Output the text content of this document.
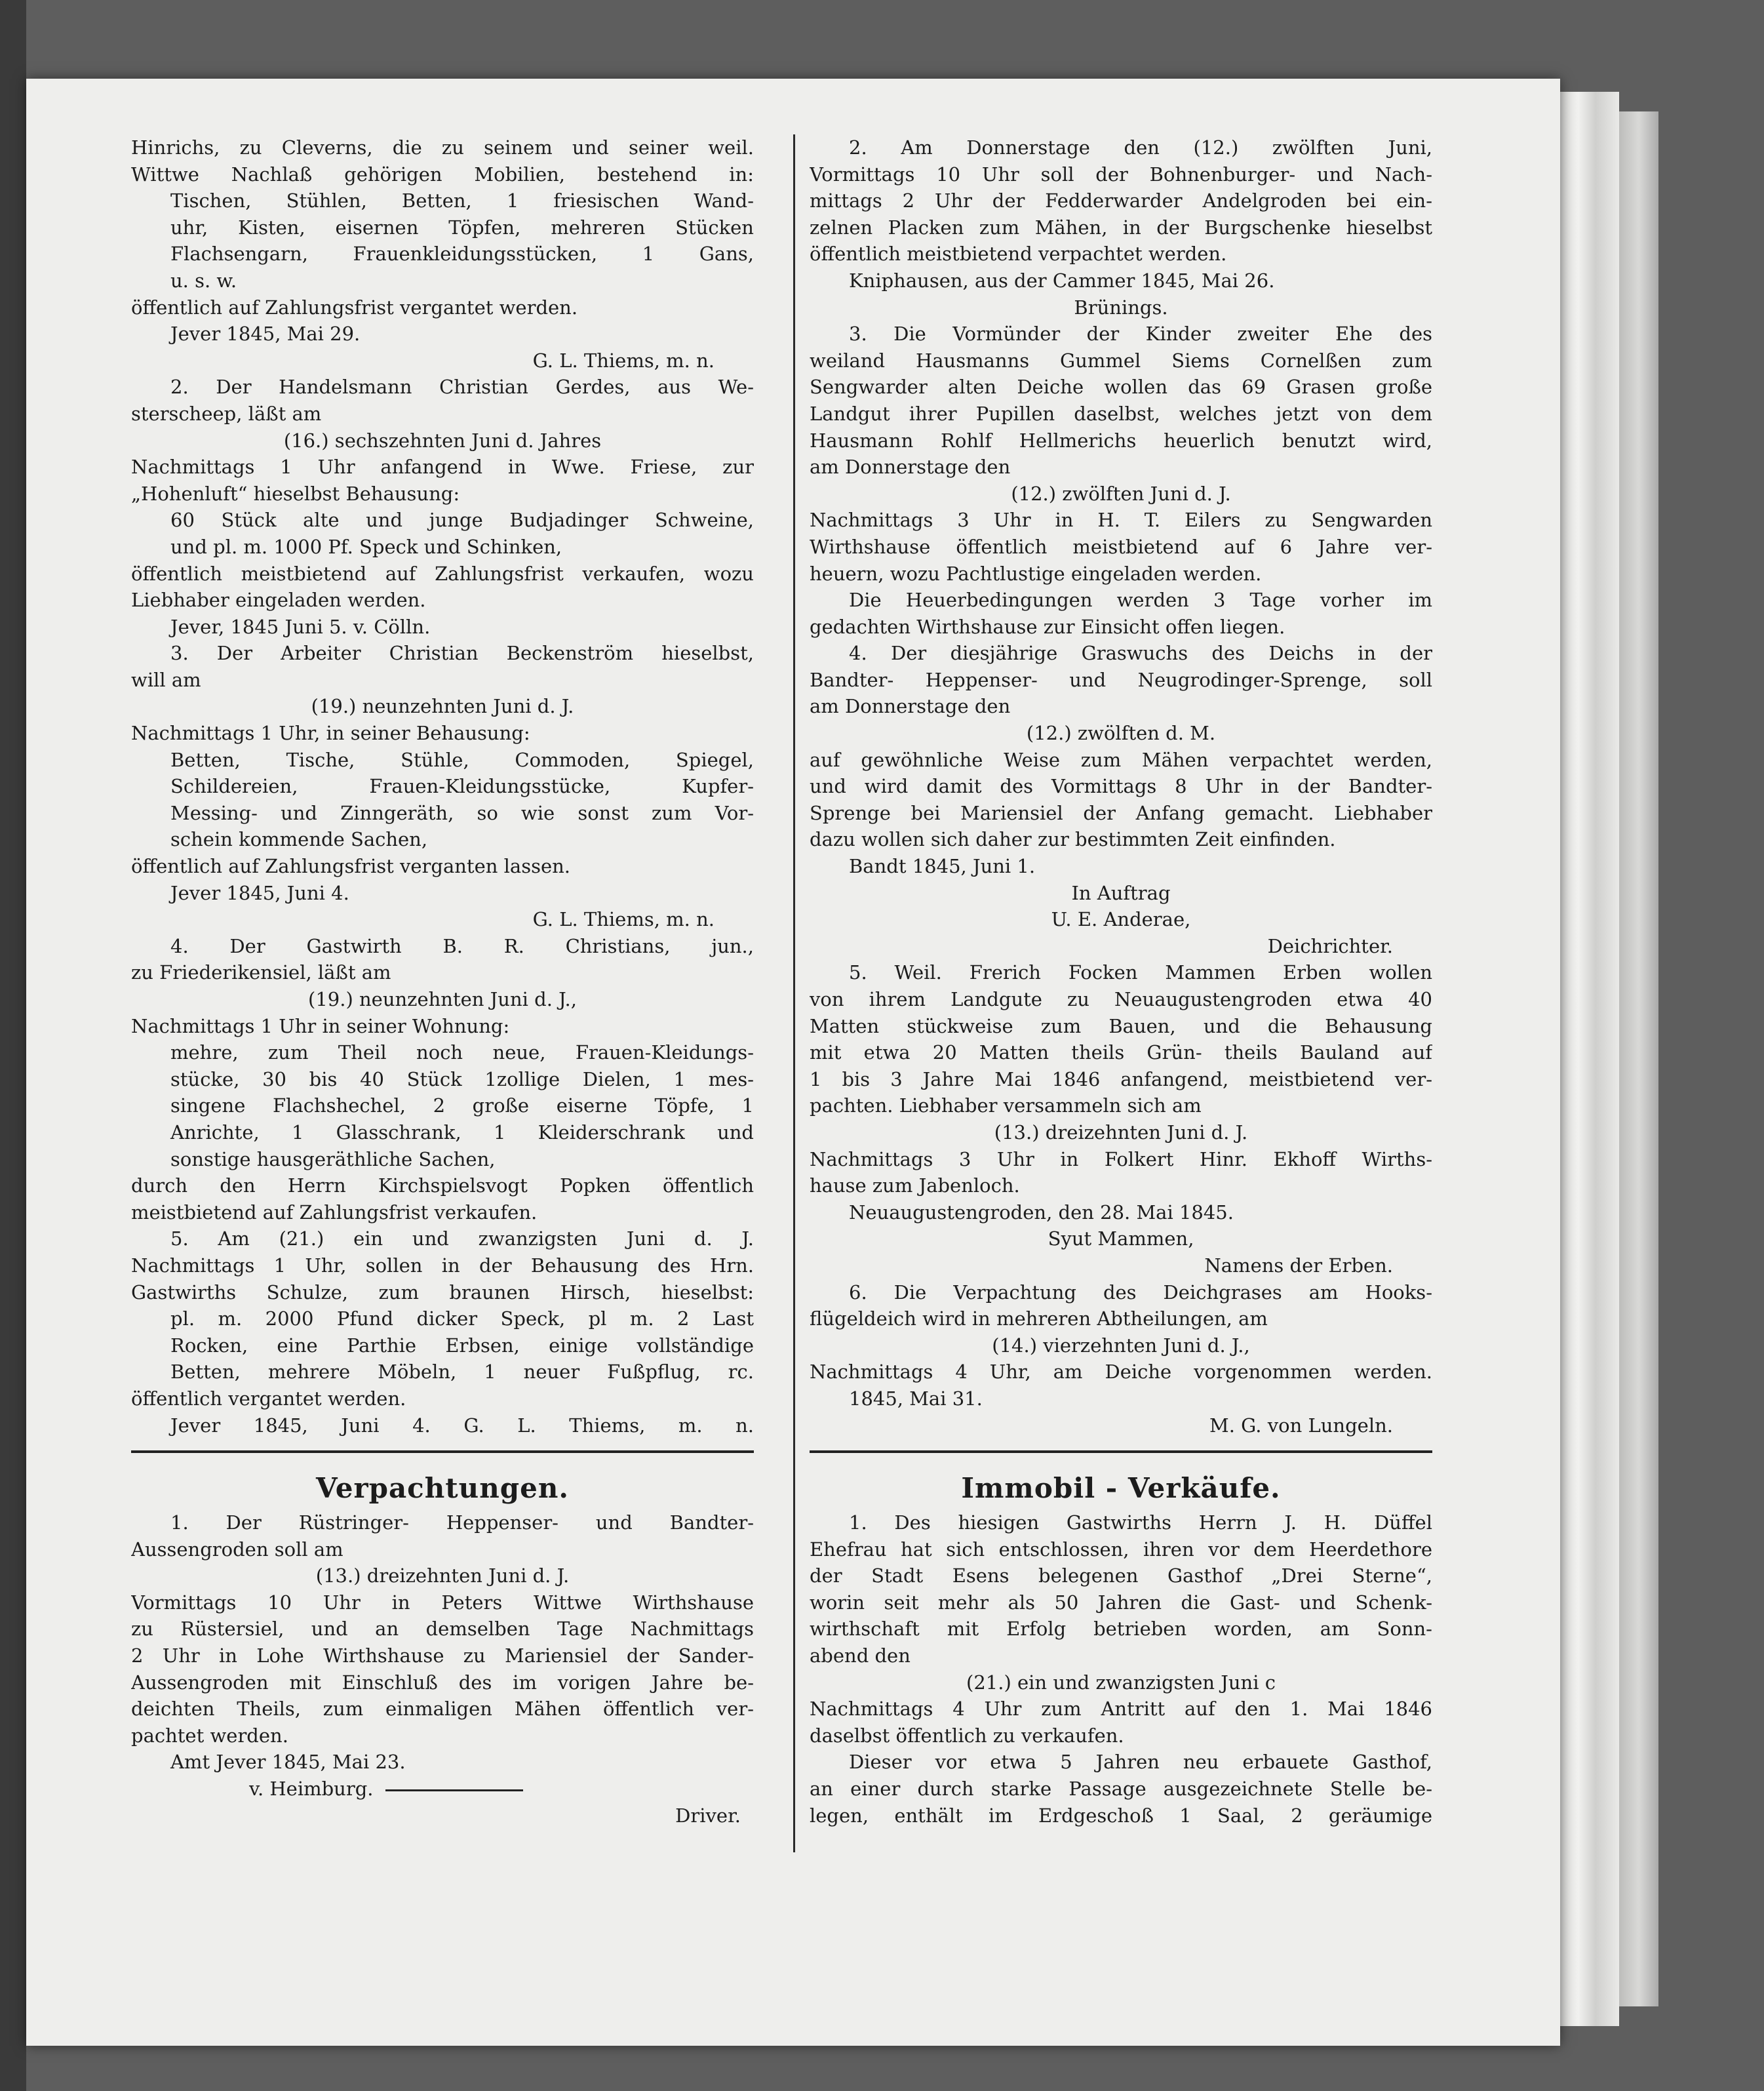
Hinrichs, zu Cleverns, die zu seinem und seiner weil.
Wittwe Nachlaß gehörigen Mobilien, bestehend in:
Tischen, Stühlen, Betten, 1 friesischen Wand-
uhr, Kisten, eisernen Töpfen, mehreren Stücken
Flachsengarn, Frauenkleidungsstücken, 1 Gans,
u. s. w.
öffentlich auf Zahlungsfrist vergantet werden.
Jever 1845, Mai 29.
G. L. Thiems, m. n.
2. Der Handelsmann Christian Gerdes, aus We-
sterscheep, läßt am
(16.) sechszehnten Juni d. Jahres
Nachmittags 1 Uhr anfangend in Wwe. Friese, zur
„Hohenluft“ hieselbst Behausung:
60 Stück alte und junge Budjadinger Schweine,
und pl. m. 1000 Pf. Speck und Schinken,
öffentlich meistbietend auf Zahlungsfrist verkaufen, wozu
Liebhaber eingeladen werden.
Jever, 1845 Juni 5. v. Cölln.
3. Der Arbeiter Christian Beckenström hieselbst,
will am
(19.) neunzehnten Juni d. J.
Nachmittags 1 Uhr, in seiner Behausung:
Betten, Tische, Stühle, Commoden, Spiegel,
Schildereien, Frauen-Kleidungsstücke, Kupfer-
Messing- und Zinngeräth, so wie sonst zum Vor-
schein kommende Sachen,
öffentlich auf Zahlungsfrist verganten lassen.
Jever 1845, Juni 4.
G. L. Thiems, m. n.
4. Der Gastwirth B. R. Christians, jun.,
zu Friederikensiel, läßt am
(19.) neunzehnten Juni d. J.,
Nachmittags 1 Uhr in seiner Wohnung:
mehre, zum Theil noch neue, Frauen-Kleidungs-
stücke, 30 bis 40 Stück 1zollige Dielen, 1 mes-
singene Flachshechel, 2 große eiserne Töpfe, 1
Anrichte, 1 Glasschrank, 1 Kleiderschrank und
sonstige hausgeräthliche Sachen,
durch den Herrn Kirchspielsvogt Popken öffentlich
meistbietend auf Zahlungsfrist verkaufen.
5. Am (21.) ein und zwanzigsten Juni d. J.
Nachmittags 1 Uhr, sollen in der Behausung des Hrn.
Gastwirths Schulze, zum braunen Hirsch, hieselbst:
pl. m. 2000 Pfund dicker Speck, pl m. 2 Last
Rocken, eine Parthie Erbsen, einige vollständige
Betten, mehrere Möbeln, 1 neuer Fußpflug, rc.
öffentlich vergantet werden.
Jever 1845, Juni 4. G. L. Thiems, m. n.
Verpachtungen.
1. Der Rüstringer- Heppenser- und Bandter-
Aussengroden soll am
(13.) dreizehnten Juni d. J.
Vormittags 10 Uhr in Peters Wittwe Wirthshause
zu Rüstersiel, und an demselben Tage Nachmittags
2 Uhr in Lohe Wirthshause zu Mariensiel der Sander-
Aussengroden mit Einschluß des im vorigen Jahre be-
deichten Theils, zum einmaligen Mähen öffentlich ver-
pachtet werden.
Amt Jever 1845, Mai 23.
v. Heimburg.
Driver.
2. Am Donnerstage den (12.) zwölften Juni,
Vormittags 10 Uhr soll der Bohnenburger- und Nach-
mittags 2 Uhr der Fedderwarder Andelgroden bei ein-
zelnen Placken zum Mähen, in der Burgschenke hieselbst
öffentlich meistbietend verpachtet werden.
Kniphausen, aus der Cammer 1845, Mai 26.
Brünings.
3. Die Vormünder der Kinder zweiter Ehe des
weiland Hausmanns Gummel Siems Cornelßen zum
Sengwarder alten Deiche wollen das 69 Grasen große
Landgut ihrer Pupillen daselbst, welches jetzt von dem
Hausmann Rohlf Hellmerichs heuerlich benutzt wird,
am Donnerstage den
(12.) zwölften Juni d. J.
Nachmittags 3 Uhr in H. T. Eilers zu Sengwarden
Wirthshause öffentlich meistbietend auf 6 Jahre ver-
heuern, wozu Pachtlustige eingeladen werden.
Die Heuerbedingungen werden 3 Tage vorher im
gedachten Wirthshause zur Einsicht offen liegen.
4. Der diesjährige Graswuchs des Deichs in der
Bandter- Heppenser- und Neugrodinger-Sprenge, soll
am Donnerstage den
(12.) zwölften d. M.
auf gewöhnliche Weise zum Mähen verpachtet werden,
und wird damit des Vormittags 8 Uhr in der Bandter-
Sprenge bei Mariensiel der Anfang gemacht. Liebhaber
dazu wollen sich daher zur bestimmten Zeit einfinden.
Bandt 1845, Juni 1.
In Auftrag
U. E. Anderae,
Deichrichter.
5. Weil. Frerich Focken Mammen Erben wollen
von ihrem Landgute zu Neuaugustengroden etwa 40
Matten stückweise zum Bauen, und die Behausung
mit etwa 20 Matten theils Grün- theils Bauland auf
1 bis 3 Jahre Mai 1846 anfangend, meistbietend ver-
pachten. Liebhaber versammeln sich am
(13.) dreizehnten Juni d. J.
Nachmittags 3 Uhr in Folkert Hinr. Ekhoff Wirths-
hause zum Jabenloch.
Neuaugustengroden, den 28. Mai 1845.
Syut Mammen,
Namens der Erben.
6. Die Verpachtung des Deichgrases am Hooks-
flügeldeich wird in mehreren Abtheilungen, am
(14.) vierzehnten Juni d. J.,
Nachmittags 4 Uhr, am Deiche vorgenommen werden.
1845, Mai 31.
M. G. von Lungeln.
Immobil - Verkäufe.
1. Des hiesigen Gastwirths Herrn J. H. Düffel
Ehefrau hat sich entschlossen, ihren vor dem Heerdethore
der Stadt Esens belegenen Gasthof „Drei Sterne“,
worin seit mehr als 50 Jahren die Gast- und Schenk-
wirthschaft mit Erfolg betrieben worden, am Sonn-
abend den
(21.) ein und zwanzigsten Juni c
Nachmittags 4 Uhr zum Antritt auf den 1. Mai 1846
daselbst öffentlich zu verkaufen.
Dieser vor etwa 5 Jahren neu erbauete Gasthof,
an einer durch starke Passage ausgezeichnete Stelle be-
legen, enthält im Erdgeschoß 1 Saal, 2 geräumige
